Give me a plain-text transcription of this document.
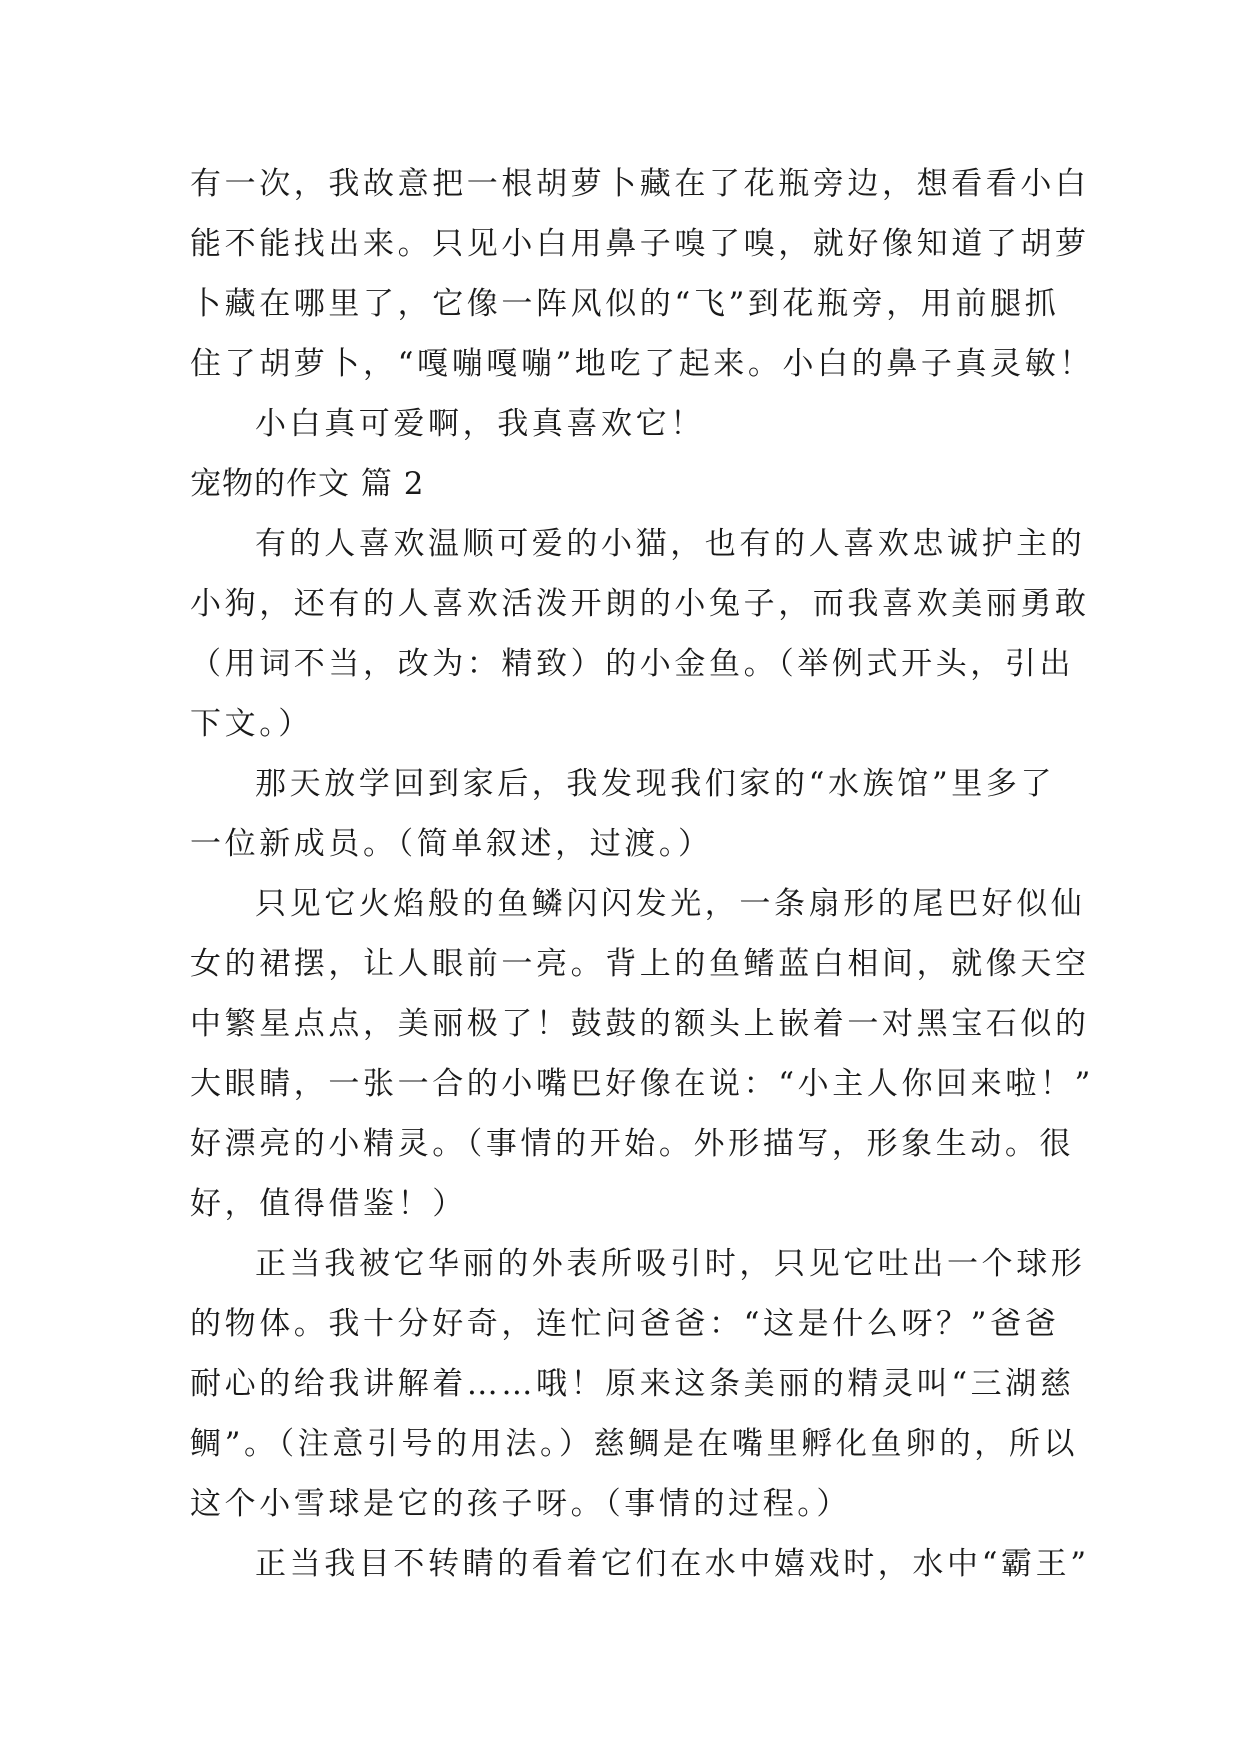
有一次，我故意把一根胡萝卜藏在了花瓶旁边，想看看小白
能不能找出来。只见小白用鼻子嗅了嗅，就好像知道了胡萝
卜藏在哪里了，它像一阵风似的“飞”到花瓶旁，用前腿抓
住了胡萝卜，“嘎嘣嘎嘣”地吃了起来。小白的鼻子真灵敏！
小白真可爱啊，我真喜欢它！
宠物的作文 篇 2
有的人喜欢温顺可爱的小猫，也有的人喜欢忠诚护主的
小狗，还有的人喜欢活泼开朗的小兔子，而我喜欢美丽勇敢
（用词不当，改为：精致）的小金鱼。（举例式开头，引出
下文。）
那天放学回到家后，我发现我们家的“水族馆”里多了
一位新成员。（简单叙述，过渡。）
只见它火焰般的鱼鳞闪闪发光，一条扇形的尾巴好似仙
女的裙摆，让人眼前一亮。背上的鱼鳍蓝白相间，就像天空
中繁星点点，美丽极了！鼓鼓的额头上嵌着一对黑宝石似的
大眼睛，一张一合的小嘴巴好像在说：“小主人你回来啦！”
好漂亮的小精灵。（事情的开始。外形描写，形象生动。很
好，值得借鉴！）
正当我被它华丽的外表所吸引时，只见它吐出一个球形
的物体。我十分好奇，连忙问爸爸：“这是什么呀？”爸爸
耐心的给我讲解着……哦！原来这条美丽的精灵叫“三湖慈
鲷”。（注意引号的用法。）慈鲷是在嘴里孵化鱼卵的，所以
这个小雪球是它的孩子呀。（事情的过程。）
正当我目不转睛的看着它们在水中嬉戏时，水中“霸王”
